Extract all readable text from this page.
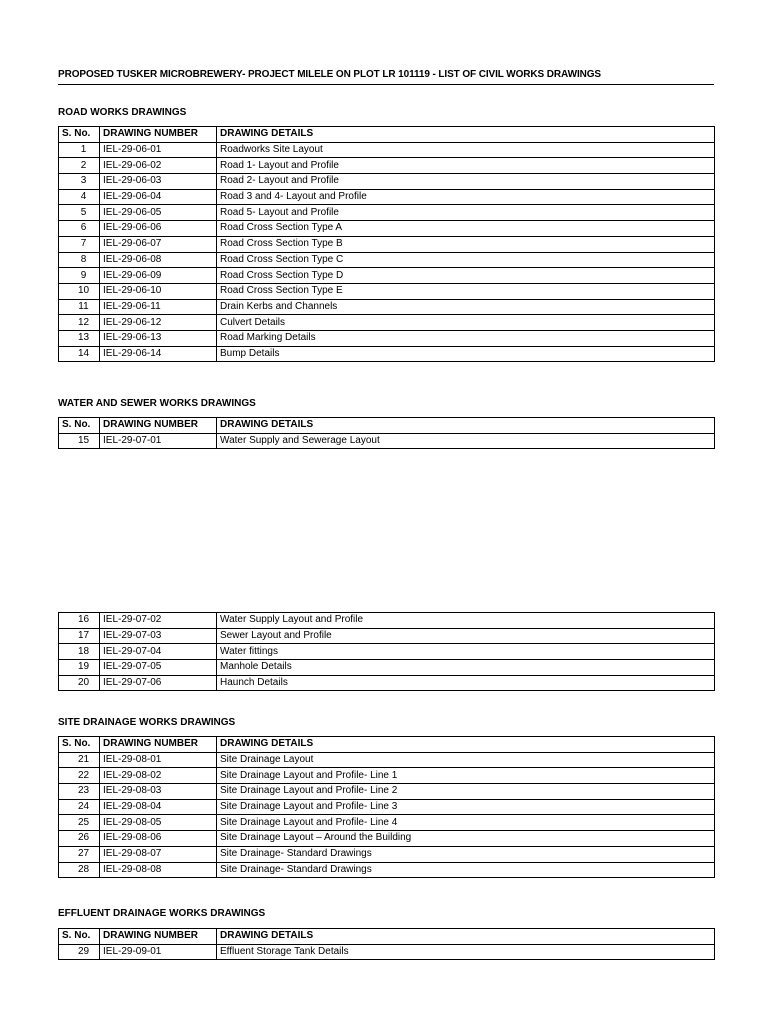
PROPOSED TUSKER MICROBREWERY- PROJECT MILELE ON PLOT LR 101119 - LIST OF CIVIL WORKS DRAWINGS
ROAD WORKS DRAWINGS
S. No.	DRAWING NUMBER	DRAWING DETAILS
1	IEL-29-06-01	Roadworks Site Layout
2	IEL-29-06-02	Road 1- Layout and Profile
3	IEL-29-06-03	Road 2- Layout and Profile
4	IEL-29-06-04	Road 3 and 4- Layout and Profile
5	IEL-29-06-05	Road 5- Layout and Profile
6	IEL-29-06-06	Road Cross Section Type A
7	IEL-29-06-07	Road Cross Section Type B
8	IEL-29-06-08	Road Cross Section Type C
9	IEL-29-06-09	Road Cross Section Type D
10	IEL-29-06-10	Road Cross Section Type E
11	IEL-29-06-11	Drain Kerbs and Channels
12	IEL-29-06-12	Culvert Details
13	IEL-29-06-13	Road Marking Details
14	IEL-29-06-14	Bump Details
WATER AND SEWER WORKS DRAWINGS
S. No.	DRAWING NUMBER	DRAWING DETAILS
15	IEL-29-07-01	Water Supply and Sewerage Layout
16	IEL-29-07-02	Water Supply Layout and Profile
17	IEL-29-07-03	Sewer Layout and Profile
18	IEL-29-07-04	Water fittings
19	IEL-29-07-05	Manhole Details
20	IEL-29-07-06	Haunch Details
SITE DRAINAGE WORKS DRAWINGS
S. No.	DRAWING NUMBER	DRAWING DETAILS
21	IEL-29-08-01	Site Drainage Layout
22	IEL-29-08-02	Site Drainage Layout and Profile- Line 1
23	IEL-29-08-03	Site Drainage Layout and Profile- Line 2
24	IEL-29-08-04	Site Drainage Layout and Profile- Line 3
25	IEL-29-08-05	Site Drainage Layout and Profile- Line 4
26	IEL-29-08-06	Site Drainage Layout – Around the Building
27	IEL-29-08-07	Site Drainage- Standard Drawings
28	IEL-29-08-08	Site Drainage- Standard Drawings
EFFLUENT DRAINAGE WORKS DRAWINGS
S. No.	DRAWING NUMBER	DRAWING DETAILS
29	IEL-29-09-01	Effluent Storage Tank Details
